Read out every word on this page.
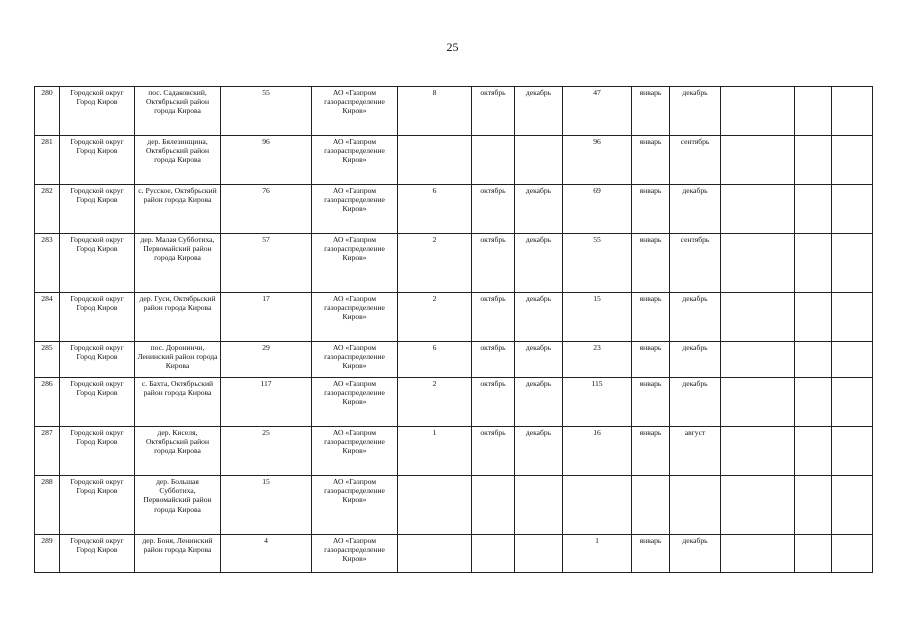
25
280	Городской округ Город Киров	пос. Садаковский, Октябрьский район города Кирова	55	АО «Газпром газораспределение Киров»	8	октябрь	декабрь	47	январь	декабрь			
281	Городской округ Город Киров	дер. Бялезинщина, Октябрьский район города Кирова	96	АО «Газпром газораспределение Киров»				96	январь	сентябрь			
282	Городской округ Город Киров	с. Русское, Октябрьский район города Кирова	76	АО «Газпром газораспределение Киров»	6	октябрь	декабрь	69	январь	декабрь			
283	Городской округ Город Киров	дер. Малая Субботиха, Первомайский район города Кирова	57	АО «Газпром газораспределение Киров»	2	октябрь	декабрь	55	январь	сентябрь			
284	Городской округ Город Киров	дер. Гуси, Октябрьский район города Кирова	17	АО «Газпром газораспределение Киров»	2	октябрь	декабрь	15	январь	декабрь			
285	Городской округ Город Киров	пос. Доронинчи, Ленинский район города Кирова	29	АО «Газпром газораспределение Киров»	6	октябрь	декабрь	23	январь	декабрь			
286	Городской округ Город Киров	с. Бахта, Октябрьский район города Кирова	117	АО «Газпром газораспределение Киров»	2	октябрь	декабрь	115	январь	декабрь			
287	Городской округ Город Киров	дер. Киселя, Октябрьский район города Кирова	25	АО «Газпром газораспределение Киров»	1	октябрь	декабрь	16	январь	август			
288	Городской округ Город Киров	дер. Большая Субботиха, Первомайский район города Кирова	15	АО «Газпром газораспределение Киров»									
289	Городской округ Город Киров	дер. Боня, Ленинский район города Кирова	4	АО «Газпром газораспределение Киров»				1	январь	декабрь			
